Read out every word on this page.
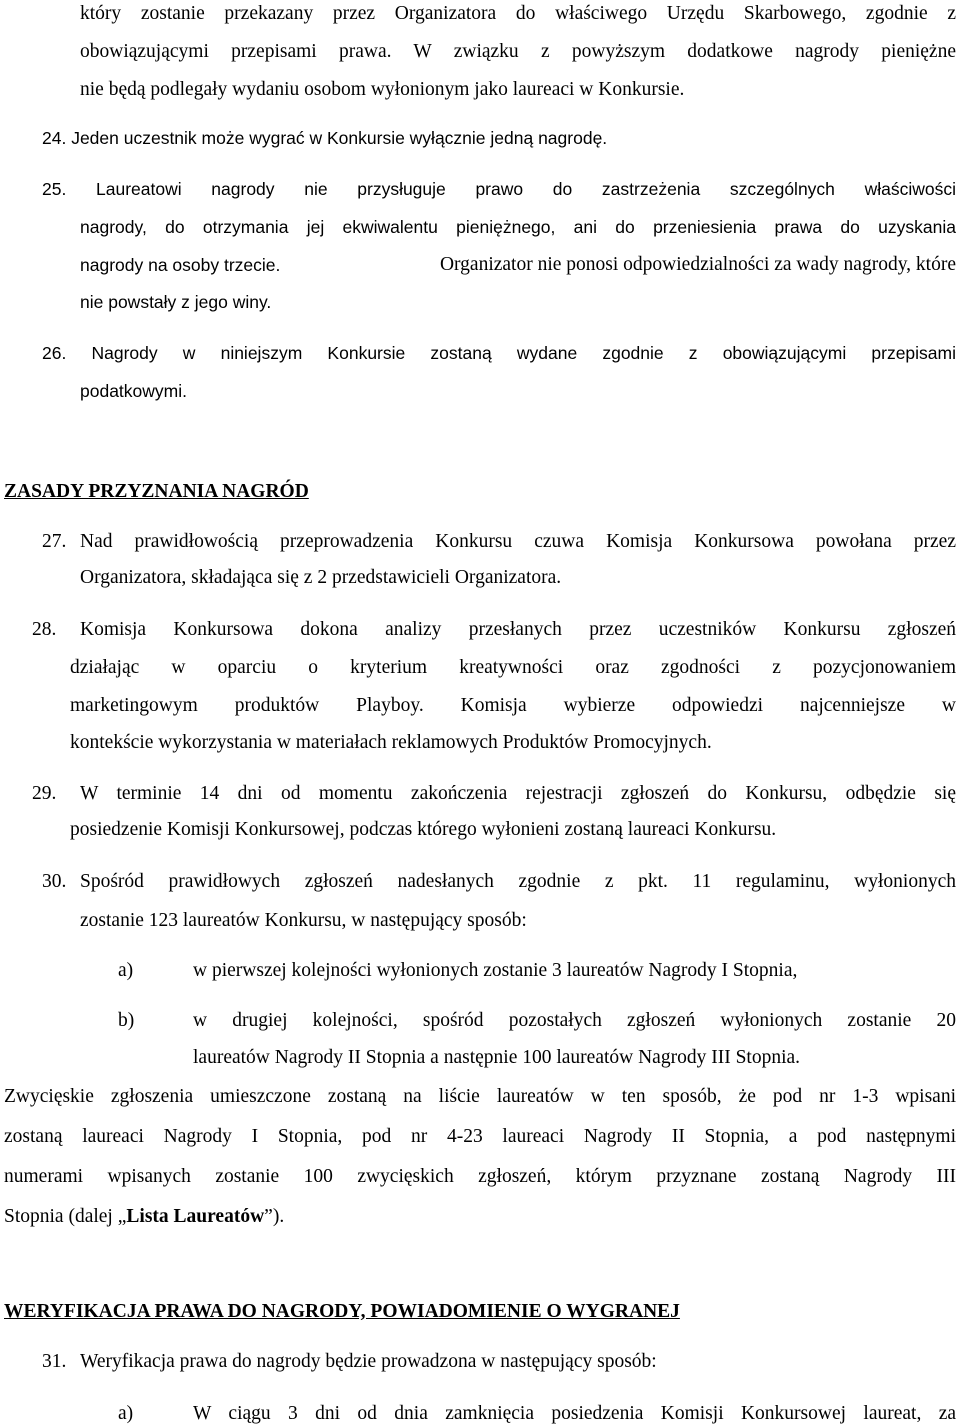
który zostanie przekazany przez Organizatora do właściwego Urzędu Skarbowego, zgodnie z
obowiązującymi przepisami prawa. W związku z powyższym dodatkowe nagrody pieniężne
nie będą podlegały wydaniu osobom wyłonionym jako laureaci w Konkursie.
24. Jeden uczestnik może wygrać w Konkursie wyłącznie jedną nagrodę.
25. Laureatowi nagrody nie przysługuje prawo do zastrzeżenia szczególnych właściwości
nagrody, do otrzymania jej ekwiwalentu pieniężnego, ani do przeniesienia prawa do uzyskania
nagrody na osoby trzecie.	Organizator nie ponosi odpowiedzialności za wady nagrody, które
nie powstały z jego winy.
26. Nagrody w niniejszym Konkursie zostaną wydane zgodnie z obowiązującymi przepisami
podatkowymi.
ZASADY PRZYZNANIA NAGRÓD
27. Nad prawidłowością przeprowadzenia Konkursu czuwa Komisja Konkursowa powołana przez
Organizatora, składająca się z 2 przedstawicieli Organizatora.
28. Komisja Konkursowa dokona analizy przesłanych przez uczestników Konkursu zgłoszeń
działając w oparciu o kryterium kreatywności oraz zgodności z pozycjonowaniem
marketingowym produktów Playboy. Komisja wybierze odpowiedzi najcenniejsze w
kontekście wykorzystania w materiałach reklamowych Produktów Promocyjnych.
29. W terminie 14 dni od momentu zakończenia rejestracji zgłoszeń do Konkursu, odbędzie się
posiedzenie Komisji Konkursowej, podczas którego wyłonieni zostaną laureaci Konkursu.
30. Spośród prawidłowych zgłoszeń nadesłanych zgodnie z pkt. 11 regulaminu, wyłonionych
zostanie 123 laureatów Konkursu, w następujący sposób:
a)	w pierwszej kolejności wyłonionych zostanie 3 laureatów Nagrody I Stopnia,
b)	w drugiej kolejności, spośród pozostałych zgłoszeń wyłonionych zostanie 20
laureatów Nagrody II Stopnia a następnie 100 laureatów Nagrody III Stopnia.
Zwycięskie zgłoszenia umieszczone zostaną na liście laureatów w ten sposób, że pod nr 1-3 wpisani
zostaną laureaci Nagrody I Stopnia, pod nr 4-23 laureaci Nagrody II Stopnia, a pod następnymi
numerami wpisanych zostanie 100 zwycięskich zgłoszeń, którym przyznane zostaną Nagrody III
Stopnia (dalej „Lista Laureatów”).
WERYFIKACJA PRAWA DO NAGRODY, POWIADOMIENIE O WYGRANEJ
31. Weryfikacja prawa do nagrody będzie prowadzona w następujący sposób:
a)	W ciągu 3 dni od dnia zamknięcia posiedzenia Komisji Konkursowej laureat, za
